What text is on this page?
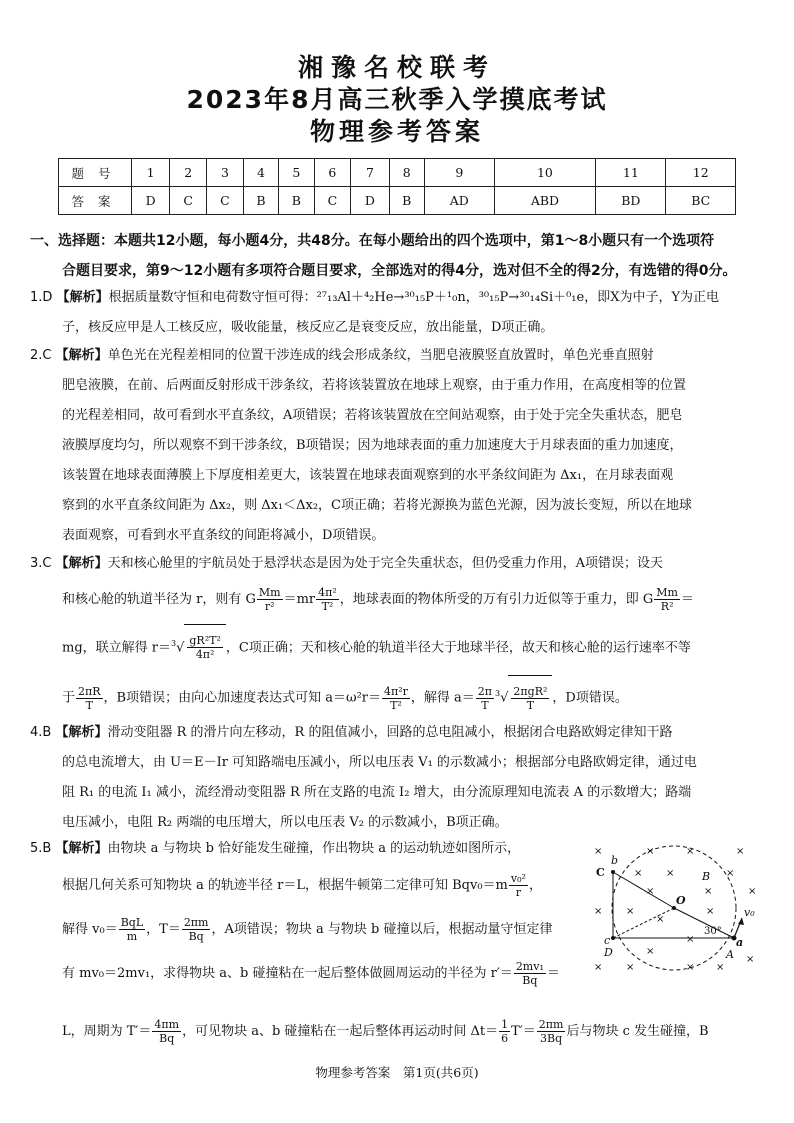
湘豫名校联考
2023年8月高三秋季入学摸底考试
物理参考答案
题号	1	2	3	4	5	6	7	8	9	10	11	12
答案	D	C	C	B	B	C	D	B	AD	ABD	BD	BC
一、选择题：本题共12小题，每小题4分，共48分。在每小题给出的四个选项中，第1～8小题只有一个选项符
合题目要求，第9～12小题有多项符合题目要求，全部选对的得4分，选对但不全的得2分，有选错的得0分。
1.D 【解析】根据质量数守恒和电荷数守恒可得：²⁷₁₃Al＋⁴₂He→³⁰₁₅P＋¹₀n，³⁰₁₅P→³⁰₁₄Si＋⁰₁e，即X为中子，Y为正电
子，核反应甲是人工核反应，吸收能量，核反应乙是衰变反应，放出能量，D项正确。
2.C 【解析】单色光在光程差相同的位置干涉连成的线会形成条纹，当肥皂液膜竖直放置时，单色光垂直照射
肥皂液膜，在前、后两面反射形成干涉条纹，若将该装置放在地球上观察，由于重力作用，在高度相等的位置
的光程差相同，故可看到水平直条纹，A项错误；若将该装置放在空间站观察，由于处于完全失重状态，肥皂
液膜厚度均匀，所以观察不到干涉条纹，B项错误；因为地球表面的重力加速度大于月球表面的重力加速度，
该装置在地球表面薄膜上下厚度相差更大，该装置在地球表面观察到的水平条纹间距为 Δx₁，在月球表面观
察到的水平直条纹间距为 Δx₂，则 Δx₁＜Δx₂，C项正确；若将光源换为蓝色光源，因为波长变短，所以在地球
表面观察，可看到水平直条纹的间距将减小，D项错误。
3.C 【解析】天和核心舱里的宇航员处于悬浮状态是因为处于完全失重状态，但仍受重力作用，A项错误；设天
和核心舱的轨道半径为 r，则有 G $\frac{Mm}{\text{r²}} =mr \frac{\text{4π²}}{\text{T²}}$ ，地球表面的物体所受的万有引力近似等于重力，即 G $\frac{Mm}{\text{R²}}$ ＝
mg，联立解得 $r=^3√ \frac{\text{gR²T²}}{\text{4π²}}$ ，C项正确；天和核心舱的轨道半径大于地球半径，故天和核心舱的运行速率不等
于 $\frac{2\pi R}{T}$ ，B项错误；由向心加速度表达式可知 $a=\omega^2r= \frac{\text{4π²r}}{\text{T²}}$ ，解得 $a= \frac{2\pi}{T} ^3√ \frac{\text{2πgR²}}{T}$ ，D项错误。
4.B 【解析】滑动变阻器 R 的滑片向左移动，R 的阻值减小，回路的总电阻减小，根据闭合电路欧姆定律知干路
的总电流增大，由 U＝E－Ir 可知路端电压减小，所以电压表 V₁ 的示数减小；根据部分电路欧姆定律，通过电
阻 R₁ 的电流 I₁ 减小，流经滑动变阻器 R 所在支路的电流 I₂ 增大，由分流原理知电流表 A 的示数增大；路端
电压减小，电阻 R₂ 两端的电压增大，所以电压表 V₂ 的示数减小，B项正确。
5.B 【解析】由物块 a 与物块 b 恰好能发生碰撞，作出物块 a 的运动轨迹如图所示，
根据几何关系可知物块 a 的轨迹半径 r＝L，根据牛顿第二定律可知 $Bqv_0=m \frac{\text{v₀²}}{r}$ ，
解得 $v_0= \frac{\text{BqL}}{m}$ ，$T= \frac{2\pi m}{Bq}$ ，A项错误；物块 a 与物块 b 碰撞以后，根据动量守恒定律
有 mv₀＝2mv₁，求得物块 a、b 碰撞粘在一起后整体做圆周运动的半径为 $r'= \frac{\text{2mv₁}}{Bq}$ ＝
L，周期为 $T'= \frac{4\pi m}{Bq}$ ，可见物块 a、b 碰撞粘在一起后整体再运动时间 $\Delta t= \frac{1}{6} T'= \frac{2\pi m}{3Bq}$ 后与物块 c 发生碰撞，B
C
b
B
O
v₀
30°
a
A
c
D
×	×	×	×
× ×	×
×	×	×
×
×
×
×
×
×
×
× ×	× ×
物理参考答案　第1页(共6页)
